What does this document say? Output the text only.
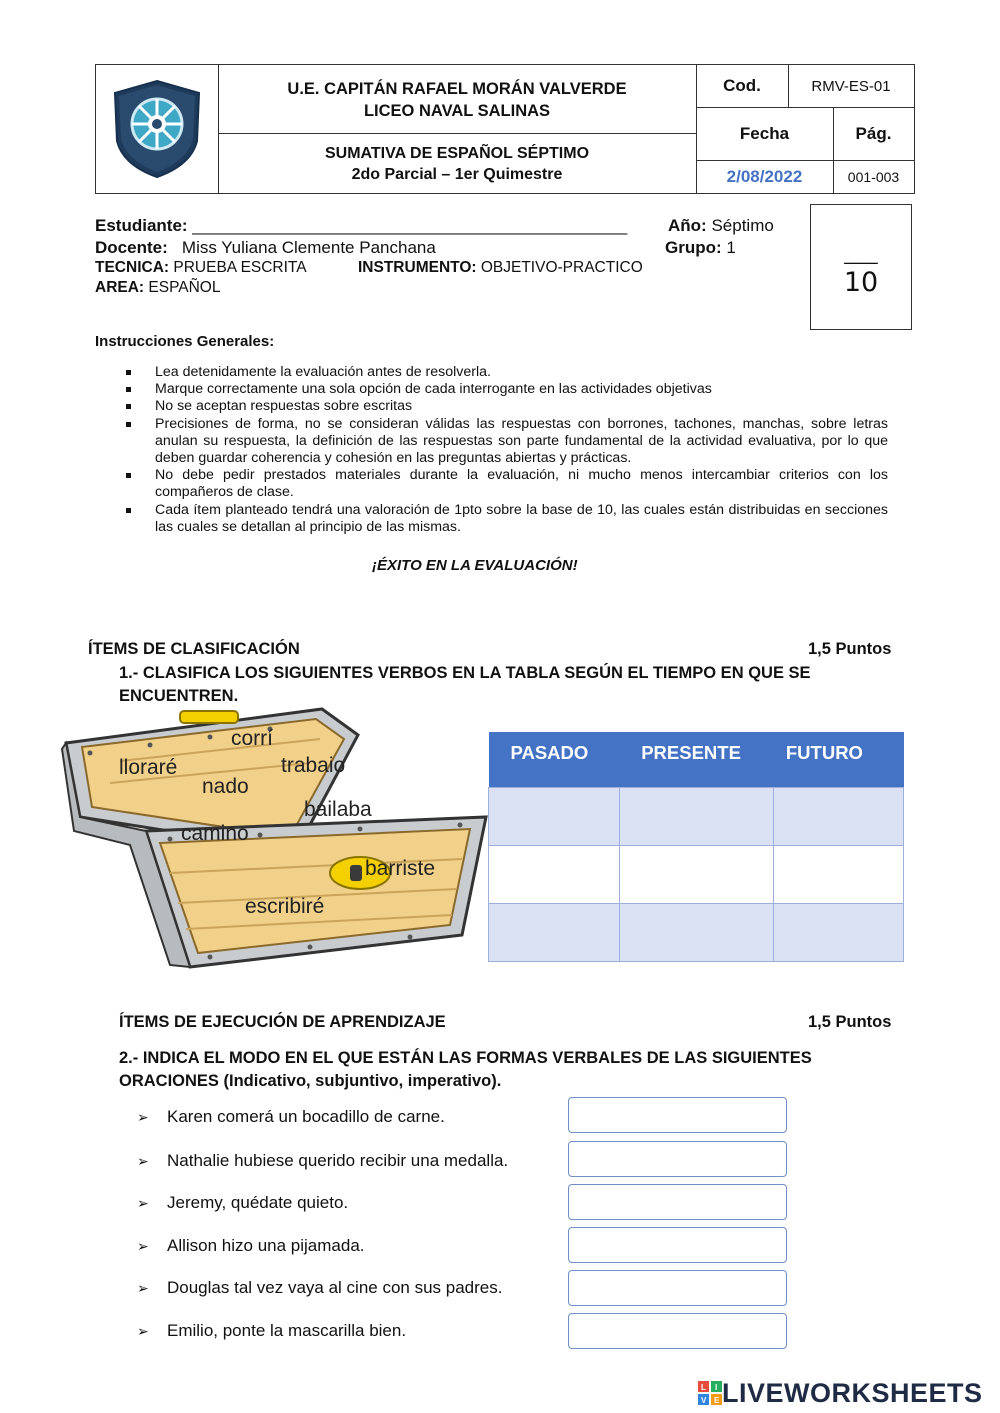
U.E. CAPITÁN RAFAEL MORÁN VALVERDE
LICEO NAVAL SALINAS
SUMATIVA DE ESPAÑOL SÉPTIMO
2do Parcial – 1er Quimestre
Cod.	RMV-ES-01
Fecha	Pág.
2/08/2022	001-003
___
10
Estudiante: ______________________________________________ Año: Séptimo
Docente: Miss Yuliana Clemente Panchana	Grupo: 1
TECNICA: PRUEBA ESCRITA	INSTRUMENTO: OBJETIVO-PRACTICO
AREA: ESPAÑOL
Instrucciones Generales:
Lea detenidamente la evaluación antes de resolverla.
Marque correctamente una sola opción de cada interrogante en las actividades objetivas
No se aceptan respuestas sobre escritas
Precisiones de forma, no se consideran válidas las respuestas con borrones, tachones, manchas, sobre letras anulan su respuesta, la definición de las respuestas son parte fundamental de la actividad evaluativa, por lo que deben guardar coherencia y cohesión en las preguntas abiertas y prácticas.
No debe pedir prestados materiales durante la evaluación, ni mucho menos intercambiar criterios con los compañeros de clase.
Cada ítem planteado tendrá una valoración de 1pto sobre la base de 10, las cuales están distribuidas en secciones las cuales se detallan al principio de las mismas.
¡ÉXITO EN LA EVALUACIÓN!
ÍTEMS DE CLASIFICACIÓN	1,5 Puntos
1.- CLASIFICA LOS SIGUIENTES VERBOS EN LA TABLA SEGÚN EL TIEMPO EN QUE SE
ENCUENTREN.
corrí
lloraré	trabaio
nado
bailaba
camino
barriste
escribiré
PASADO	PRESENTE	FUTURO

ÍTEMS DE EJECUCIÓN DE APRENDIZAJE	1,5 Puntos
2.- INDICA EL MODO EN EL QUE ESTÁN LAS FORMAS VERBALES DE LAS SIGUIENTES
ORACIONES (Indicativo, subjuntivo, imperativo).
➢ Karen comerá un bocadillo de carne.
➢ Nathalie hubiese querido recibir una medalla.
➢ Jeremy, quédate quieto.
➢ Allison hizo una pijamada.
➢ Douglas tal vez vaya al cine con sus padres.
➢ Emilio, ponte la mascarilla bien.
L I
V E LIVEWORKSHEETS
